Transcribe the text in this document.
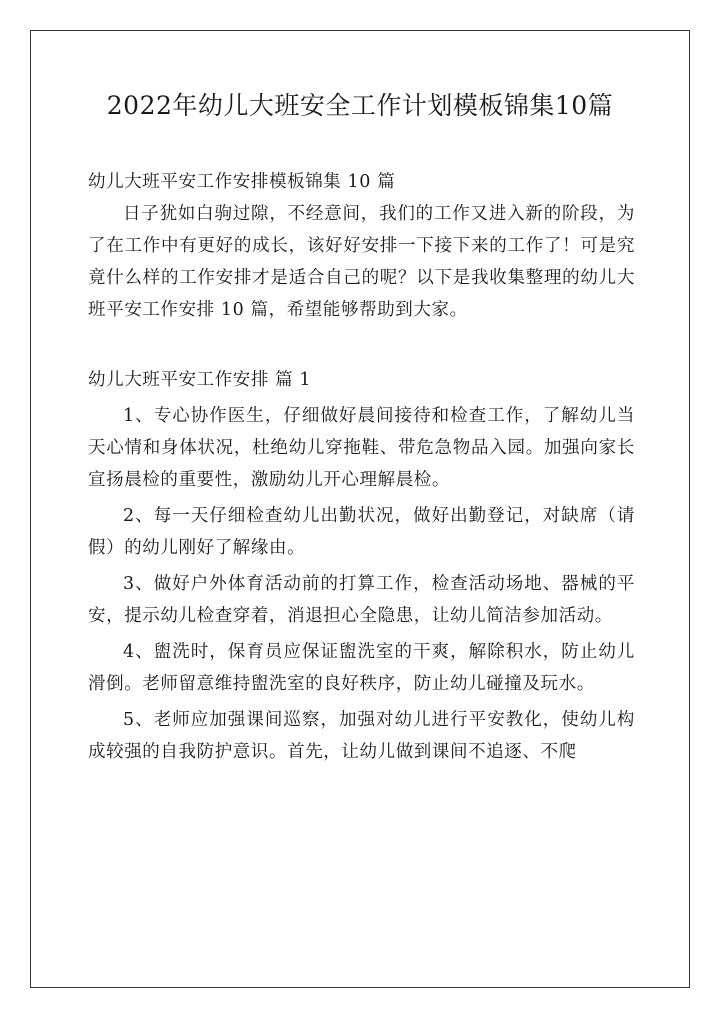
2022年幼儿大班安全工作计划模板锦集10篇

幼儿大班平安工作安排模板锦集 10 篇

日子犹如白驹过隙，不经意间，我们的工作又进入新的阶段，为了在工作中有更好的成长，该好好安排一下接下来的工作了！可是究竟什么样的工作安排才是适合自己的呢？以下是我收集整理的幼儿大班平安工作安排 10 篇，希望能够帮助到大家。

幼儿大班平安工作安排 篇 1

1、专心协作医生，仔细做好晨间接待和检查工作，了解幼儿当天心情和身体状况，杜绝幼儿穿拖鞋、带危急物品入园。加强向家长宣扬晨检的重要性，激励幼儿开心理解晨检。

2、每一天仔细检查幼儿出勤状况，做好出勤登记，对缺席（请假）的幼儿刚好了解缘由。

3、做好户外体育活动前的打算工作，检查活动场地、器械的平安，提示幼儿检查穿着，消退担心全隐患，让幼儿简洁参加活动。

4、盥洗时，保育员应保证盥洗室的干爽，解除积水，防止幼儿滑倒。老师留意维持盥洗室的良好秩序，防止幼儿碰撞及玩水。

5、老师应加强课间巡察，加强对幼儿进行平安教化，使幼儿构成较强的自我防护意识。首先，让幼儿做到课间不追逐、不爬
